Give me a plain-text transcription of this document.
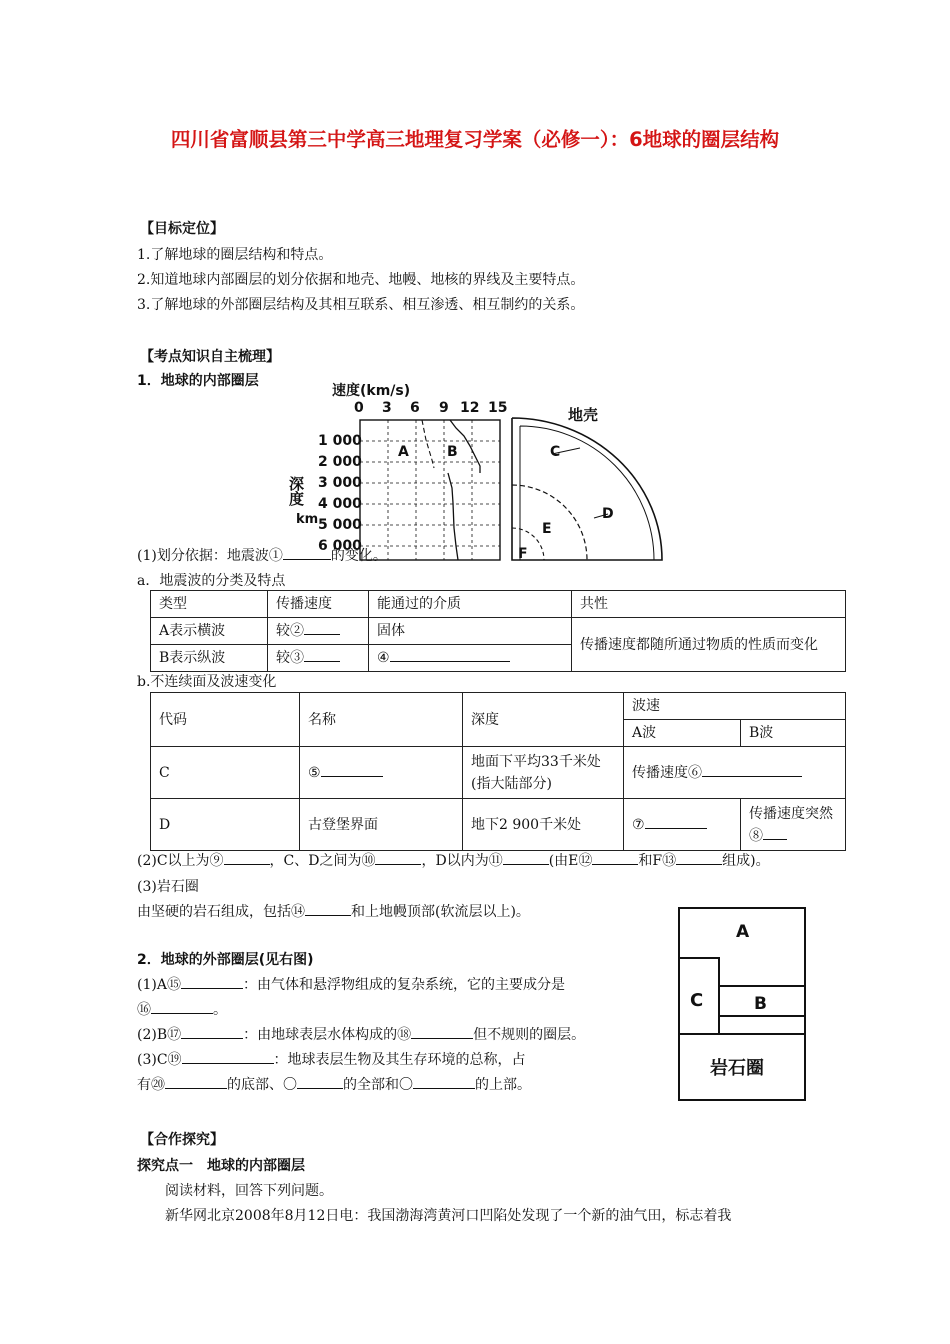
四川省富顺县第三中学高三地理复习学案（必修一）：6地球的圈层结构
【目标定位】
1.了解地球的圈层结构和特点。
2.知道地球内部圈层的划分依据和地壳、地幔、地核的界线及主要特点。
3.了解地球的外部圈层结构及其相互联系、相互渗透、相互制约的关系。
【考点知识自主梳理】
1．地球的内部圈层
速度(km/s)
0 3 6 9 12 15
1 000
2 000
3 000
4 000
5 000
6 000
深度
km
地壳
A	B	C
D
E
F
(1)划分依据：地震波①	的变化。
a．地震波的分类及特点
类型	传播速度	能通过的介质	共性
A表示横波	较②	固体	传播速度都随所通过物质的性质而变化
B表示纵波	较③	④	
b.不连续面及波速变化
代码	名称	深度	波速	
			A波	B波
C	⑤	地面下平均33千米处(指大陆部分)	传播速度⑥	
D	古登堡界面	地下2 900千米处	⑦	传播速度突然⑧
(2)C以上为⑨	，C、D之间为⑩	，D以内为⑪	(由E⑫	和F⑬	组成)。
(3)岩石圈
由坚硬的岩石组成，包括⑭	和上地幔顶部(软流层以上)。
2．地球的外部圈层(见右图)
(1)A⑮	：由气体和悬浮物组成的复杂系统，它的主要成分是
⑯	。
(2)B⑰	：由地球表层水体构成的⑱	但不规则的圈层。
(3)C⑲	：地球表层生物及其生存环境的总称，占
有⑳	的底部、〇	的全部和〇	的上部。
A
B
C
岩石圈
【合作探究】
探究点一　地球的内部圈层
阅读材料，回答下列问题。
新华网北京2008年8月12日电：我国渤海湾黄河口凹陷处发现了一个新的油气田，标志着我
